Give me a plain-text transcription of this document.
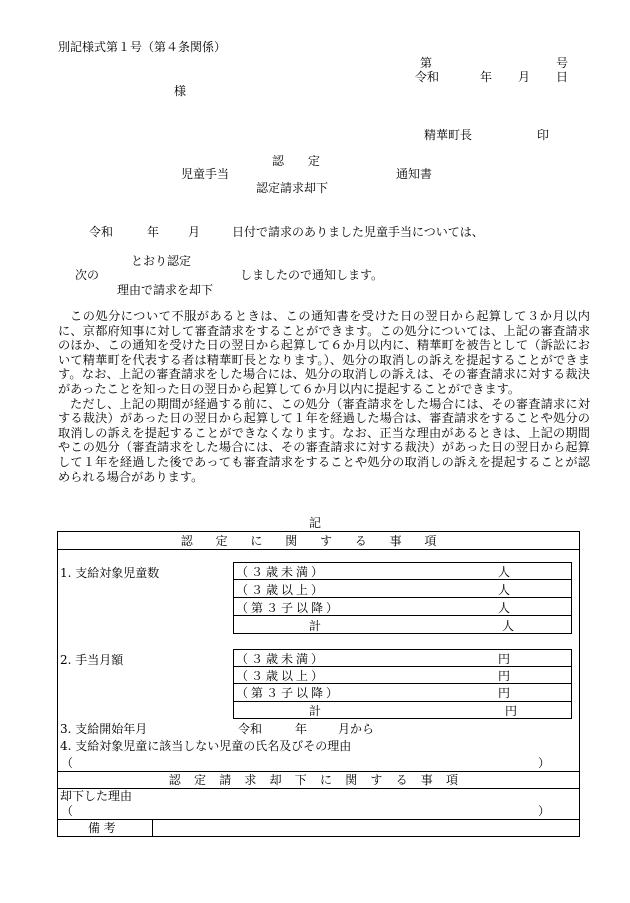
別記様式第１号（第４条関係）
第	号
令和	年 月 日
様
精華町長	印
認　　定
児童手当	通知書
認定請求却下
令和	年 月	日付で請求のありました児童手当については、
とおり認定
次の	しましたので通知します。
理由で請求を却下

この処分について不服があるときは、この通知書を受けた日の翌日から起算して３か月以内に、京都府知事に対して審査請求をすることができます。この処分については、上記の審査請求のほか、この通知を受けた日の翌日から起算して６か月以内に、精華町を被告として（訴訟において精華町を代表する者は精華町長となります。）、処分の取消しの訴えを提起することができます。なお、上記の審査請求をした場合には、処分の取消しの訴えは、その審査請求に対する裁決があったことを知った日の翌日から起算して６か月以内に提起することができます。

ただし、上記の期間が経過する前に、この処分（審査請求をした場合には、その審査請求に対する裁決）があった日の翌日から起算して１年を経過した場合は、審査請求をすることや処分の取消しの訴えを提起することができなくなります。なお、正当な理由があるときは、上記の期間やこの処分（審査請求をした場合には、その審査請求に対する裁決）があった日の翌日から起算して１年を経過した後であっても審査請求をすることや処分の取消しの訴えを提起することが認められる場合があります。

記
認定に関する事項
1. 支給対象児童数	（３歳未満）	人
（３歳以上）	人
（第３子以降）	人
計	人
2. 手当月額	（３歳未満）	円
（３歳以上）	円
（第３子以降）	円
計	円
3. 支給開始年月	令和	年	月から
4. 支給対象児童に該当しない児童の氏名及びその理由
（	）
認定請求却下に関する事項
却下した理由
（	）
備考
